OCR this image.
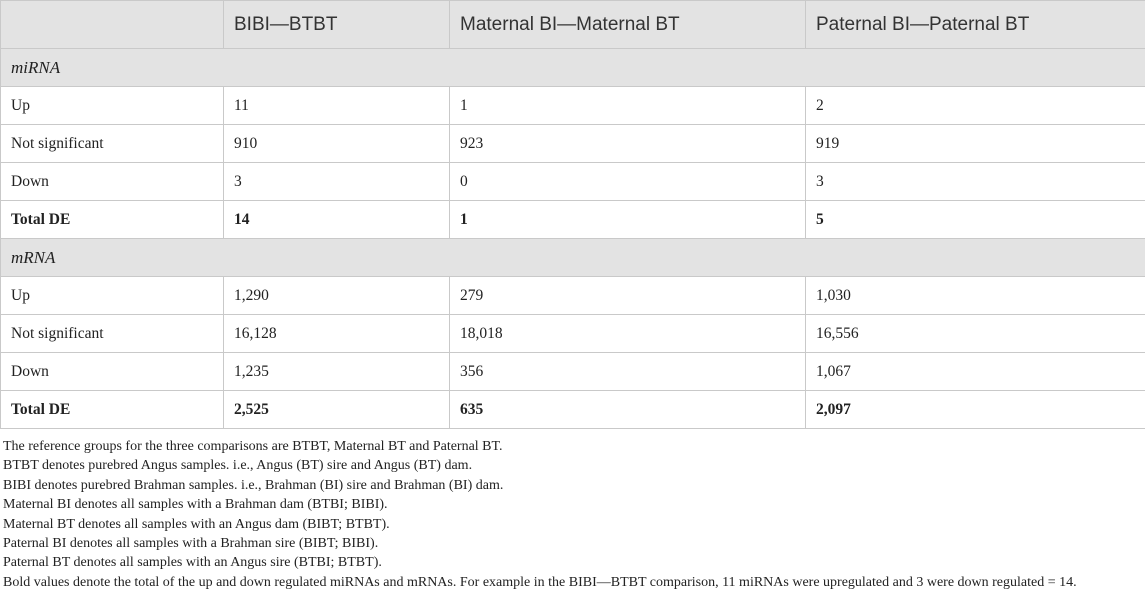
	BIBI—BTBT	Maternal BI—Maternal BT	Paternal BI—Paternal BT
miRNA			
Up	11	1	2
Not significant	910	923	919
Down	3	0	3
Total DE	14	1	5
mRNA			
Up	1,290	279	1,030
Not significant	16,128	18,018	16,556
Down	1,235	356	1,067
Total DE	2,525	635	2,097

The reference groups for the three comparisons are BTBT, Maternal BT and Paternal BT.

BTBT denotes purebred Angus samples. i.e., Angus (BT) sire and Angus (BT) dam.

BIBI denotes purebred Brahman samples. i.e., Brahman (BI) sire and Brahman (BI) dam.

Maternal BI denotes all samples with a Brahman dam (BTBI; BIBI).

Maternal BT denotes all samples with an Angus dam (BIBT; BTBT).

Paternal BI denotes all samples with a Brahman sire (BIBT; BIBI).

Paternal BT denotes all samples with an Angus sire (BTBI; BTBT).

Bold values denote the total of the up and down regulated miRNAs and mRNAs. For example in the BIBI—BTBT comparison, 11 miRNAs were upregulated and 3 were down regulated = 14.
